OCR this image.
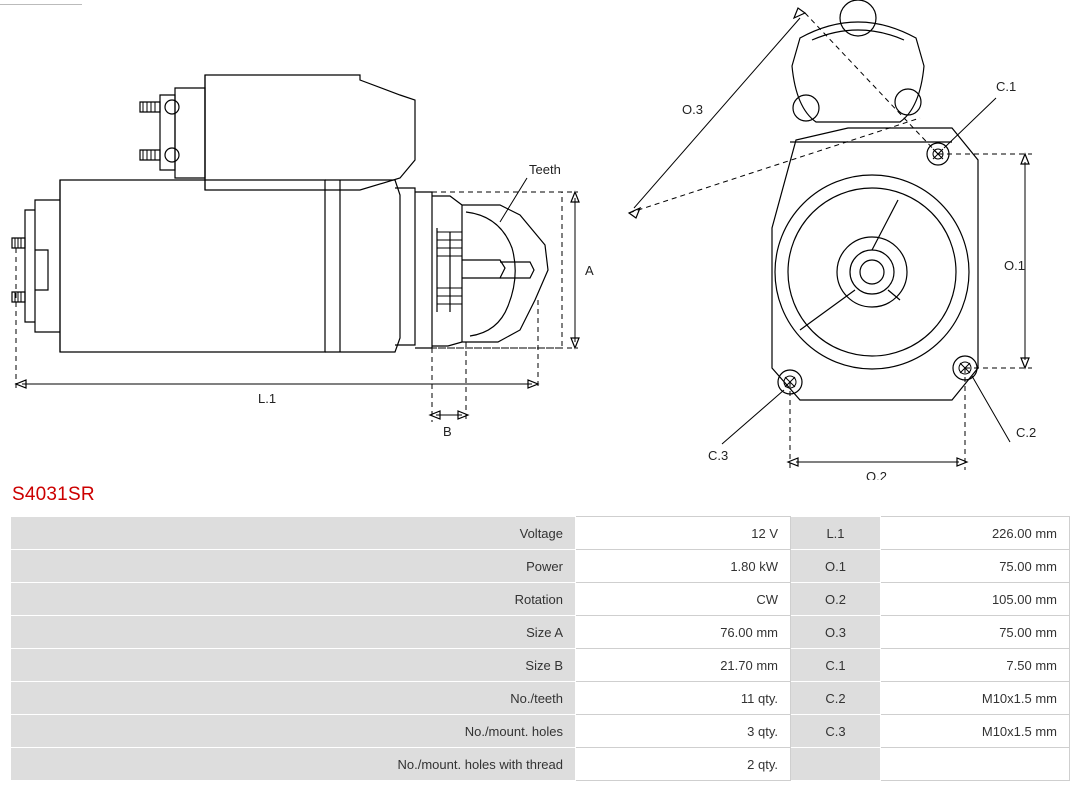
Teeth
A
L.1
B
O.3
O.1
O.2
C.1
C.2
C.3
S4031SR
Voltage	12 V	L.1	226.00 mm
Power	1.80 kW	O.1	75.00 mm
Rotation	CW	O.2	105.00 mm
Size A	76.00 mm	O.3	75.00 mm
Size B	21.70 mm	C.1	7.50 mm
No./teeth	11 qty.	C.2	M10x1.5 mm
No./mount. holes	3 qty.	C.3	M10x1.5 mm
No./mount. holes with thread	2 qty.		
